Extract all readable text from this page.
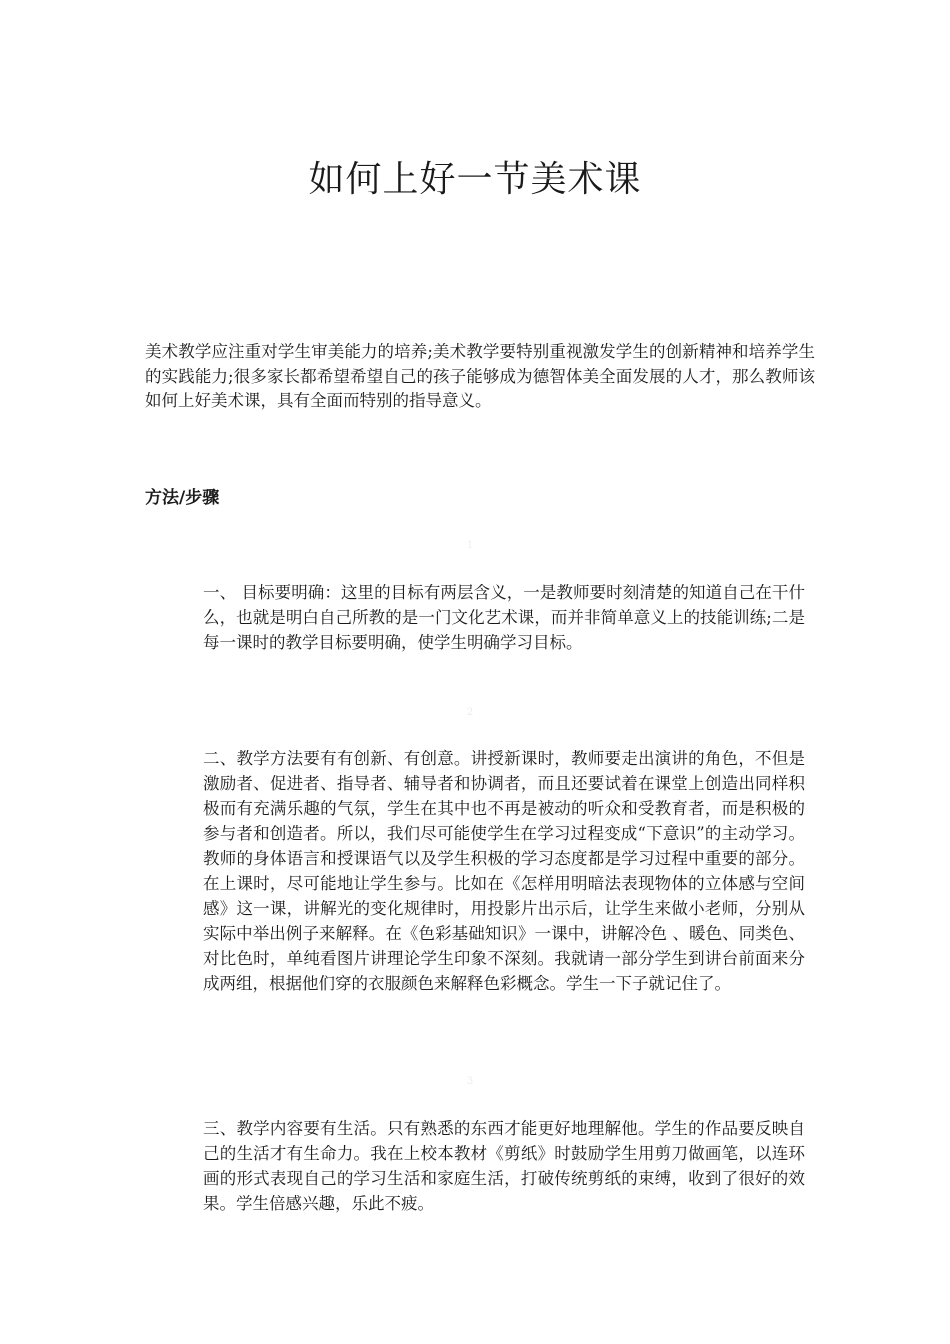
如何上好一节美术课

美术教学应注重对学生审美能力的培养;美术教学要特别重视激发学生的创新精神和培养学生的实践能力;很多家长都希望希望自己的孩子能够成为德智体美全面发展的人才，那么教师该如何上好美术课，具有全面而特别的指导意义。

方法/步骤
1

一、 目标要明确：这里的目标有两层含义，一是教师要时刻清楚的知道自己在干什么，也就是明白自己所教的是一门文化艺术课，而并非简单意义上的技能训练;二是每一课时的教学目标要明确，使学生明确学习目标。

2

二、教学方法要有有创新、有创意。讲授新课时，教师要走出演讲的角色，不但是激励者、促进者、指导者、辅导者和协调者，而且还要试着在课堂上创造出同样积极而有充满乐趣的气氛，学生在其中也不再是被动的听众和受教育者，而是积极的参与者和创造者。所以，我们尽可能使学生在学习过程变成“下意识”的主动学习。教师的身体语言和授课语气以及学生积极的学习态度都是学习过程中重要的部分。在上课时，尽可能地让学生参与。比如在《怎样用明暗法表现物体的立体感与空间感》这一课，讲解光的变化规律时，用投影片出示后，让学生来做小老师，分别从实际中举出例子来解释。在《色彩基础知识》一课中，讲解冷色 、暖色、同类色、对比色时，单纯看图片讲理论学生印象不深刻。我就请一部分学生到讲台前面来分成两组，根据他们穿的衣服颜色来解释色彩概念。学生一下子就记住了。

3

三、教学内容要有生活。只有熟悉的东西才能更好地理解他。学生的作品要反映自己的生活才有生命力。我在上校本教材《剪纸》时鼓励学生用剪刀做画笔，以连环画的形式表现自己的学习生活和家庭生活，打破传统剪纸的束缚，收到了很好的效果。学生倍感兴趣，乐此不疲。
